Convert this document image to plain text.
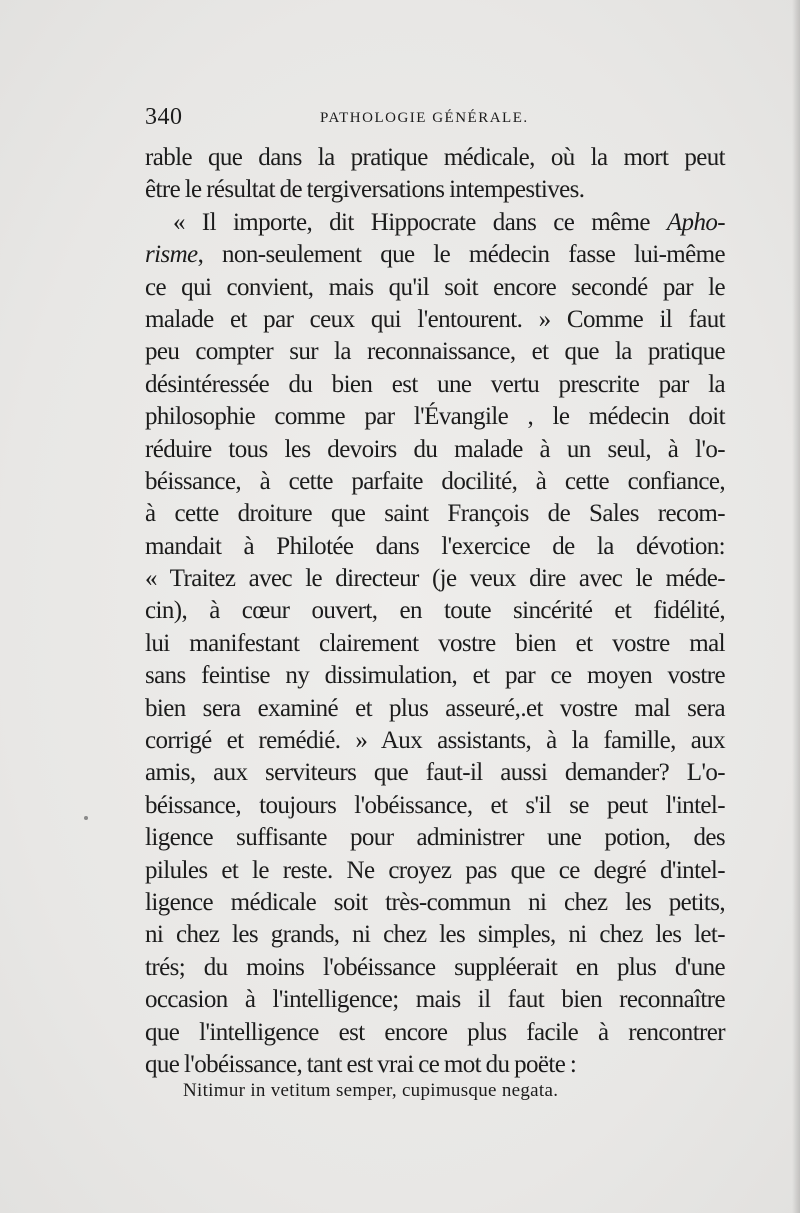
340	PATHOLOGIE GÉNÉRALE.
rable que dans la pratique médicale, où la mort peut
être le résultat de tergiversations intempestives.
« Il importe, dit Hippocrate dans ce même Apho-
risme, non-seulement que le médecin fasse lui-même
ce qui convient, mais qu'il soit encore secondé par le
malade et par ceux qui l'entourent. » Comme il faut
peu compter sur la reconnaissance, et que la pratique
désintéressée du bien est une vertu prescrite par la
philosophie comme par l'Évangile , le médecin doit
réduire tous les devoirs du malade à un seul, à l'o-
béissance, à cette parfaite docilité, à cette confiance,
à cette droiture que saint François de Sales recom-
mandait à Philotée dans l'exercice de la dévotion:
« Traitez avec le directeur (je veux dire avec le méde-
cin), à cœur ouvert, en toute sincérité et fidélité,
lui manifestant clairement vostre bien et vostre mal
sans feintise ny dissimulation, et par ce moyen vostre
bien sera examiné et plus asseuré,.et vostre mal sera
corrigé et remédié. » Aux assistants, à la famille, aux
amis, aux serviteurs que faut-il aussi demander? L'o-
béissance, toujours l'obéissance, et s'il se peut l'intel-
ligence suffisante pour administrer une potion, des
pilules et le reste. Ne croyez pas que ce degré d'intel-
ligence médicale soit très-commun ni chez les petits,
ni chez les grands, ni chez les simples, ni chez les let-
trés; du moins l'obéissance suppléerait en plus d'une
occasion à l'intelligence; mais il faut bien reconnaître
que l'intelligence est encore plus facile à rencontrer
que l'obéissance, tant est vrai ce mot du poëte :
Nitimur in vetitum semper, cupimusque negata.
